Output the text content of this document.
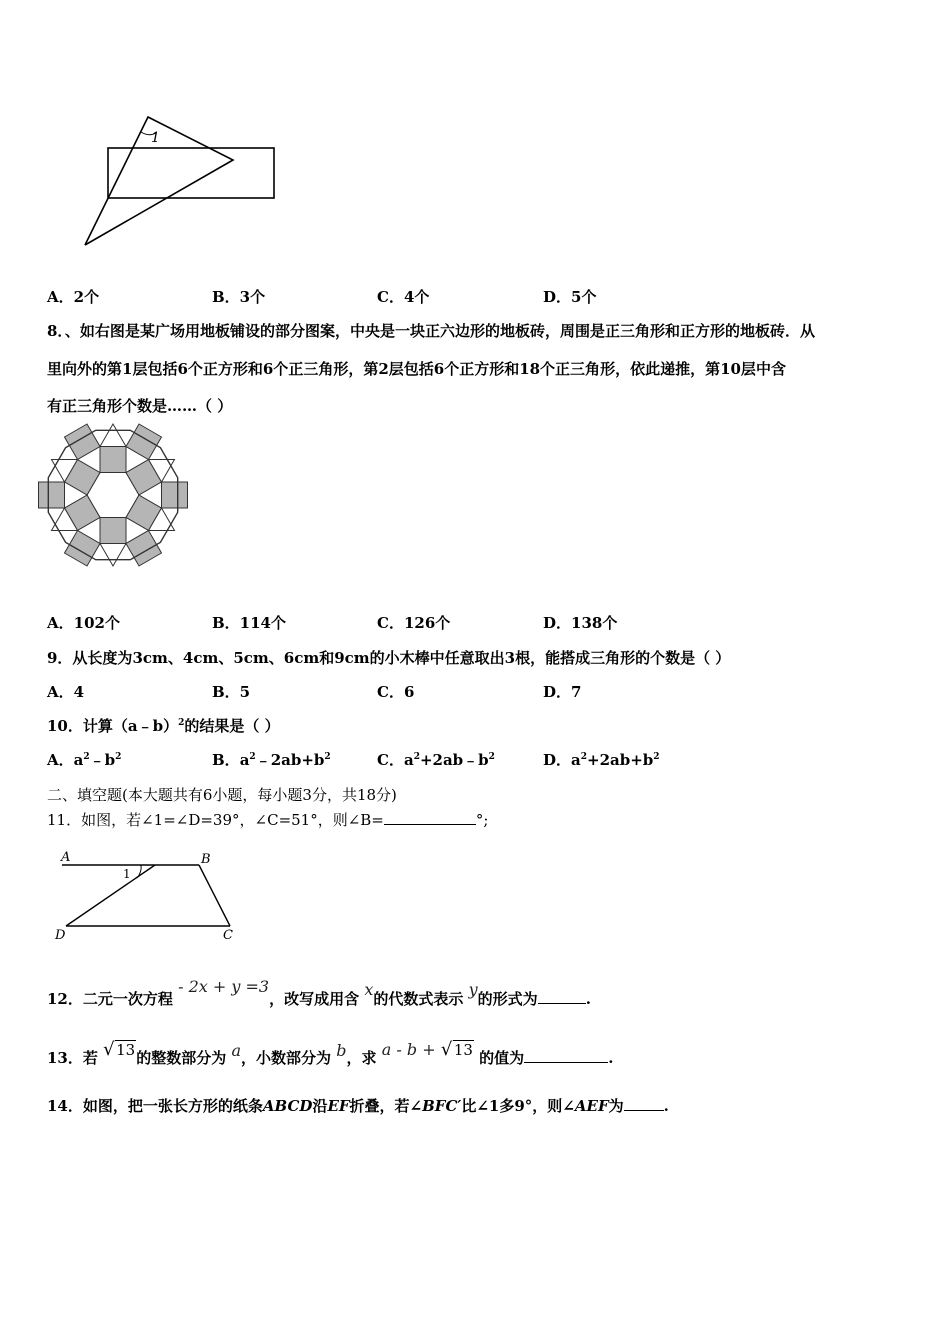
1
A．2个	B．3个	C．4个	D．5个
8．、如右图是某广场用地板铺设的部分图案，中央是一块正六边形的地板砖，周围是正三角形和正方形的地板砖．从
里向外的第1层包括6个正方形和6个正三角形，第2层包括6个正方形和18个正三角形，依此递推，第10层中含
有正三角形个数是……（ ）
A．102个	B．114个	C．126个	D．138个
9．从长度为3cm、4cm、5cm、6cm和9cm的小木棒中任意取出3根，能搭成三角形的个数是（ ）
A．4	B．5	C．6	D．7
10．计算（a﹣b）$^2$的结果是（ ）
A．$a^2﹣b^2$	B．$a^2﹣2ab+b^2$	C．$a^2+2ab﹣b^2$	D．$a^2+2ab+b^2$
二、填空题(本大题共有6小题，每小题3分，共18分)
11．如图，若∠1=∠D=39°，∠C=51°，则∠B=	°;
A	B
C
D
1
12．二元一次方程 - 2x + y =3，改写成用含 x的代数式表示 y的形式为	.
13．若 √ 13的整数部分为 a，小数部分为 b，求 a - b + √ 13 的值为	.
14．如图，把一张长方形的纸条ABCD沿EF折叠，若∠BFC′比∠1多9°，则∠AEF为	.
